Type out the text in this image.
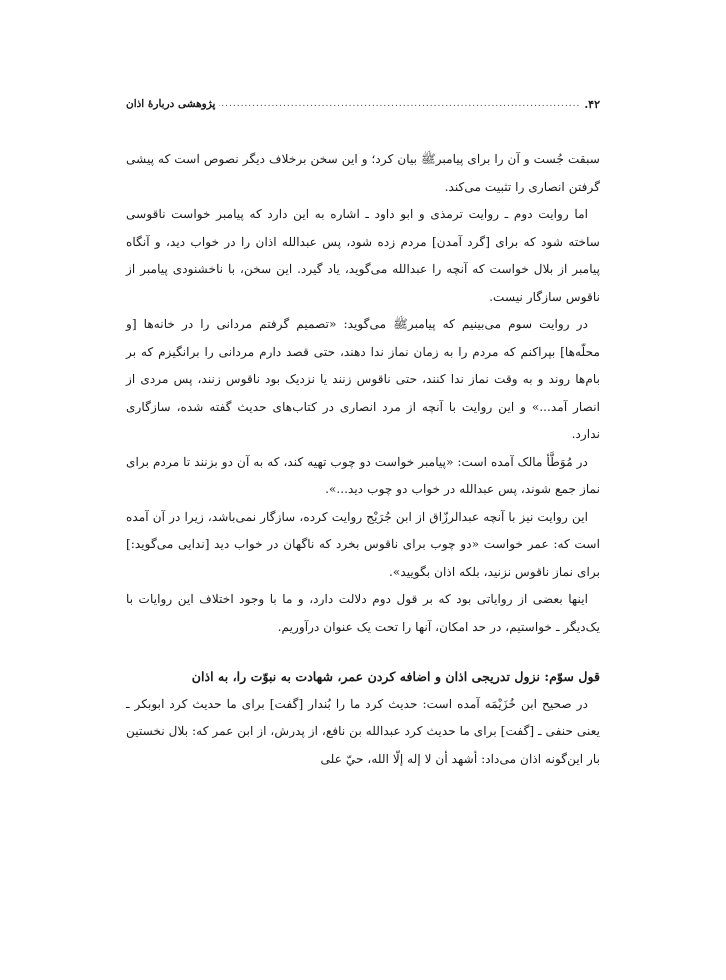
۴۲.
.....
پژوهشی دربارهٔ اذان

سبقت جُست و آن را برای پیامبرﷺ بیان کرد؛ و این سخن برخلاف دیگر نصوص است که پیشی گرفتن انصاری را تثبیت می‌کند.

اما روایت دوم ـ روایت ترمذی و ابو داود ـ اشاره به این دارد که پیامبر خواست ناقوسی ساخته شود که برای [گرد آمدن] مردم زده شود، پس عبدالله اذان را در خواب دید، و آنگاه پیامبر از بلال خواست که آنچه را عبدالله می‌گوید، یاد گیرد. این سخن، با ناخشنودی پیامبر از ناقوس سازگار نیست.

در روایت سوم می‌بینیم که پیامبرﷺ می‌گوید: «تصمیم گرفتم مردانی را در خانه‌ها [و محلّه‌ها] بپراکنم که مردم را به زمان نماز ندا دهند، حتی قصد دارم مردانی را برانگیزم که بر بام‌ها روند و به وقت نماز ندا کنند، حتی ناقوس زنند یا نزدیک بود ناقوس زنند، پس مردی از انصار آمد...» و این روایت با آنچه از مرد انصاری در کتاب‌های حدیث گفته شده، سازگاری ندارد.

در مُوَطَّأ مالک آمده است: «پیامبر خواست دو چوب تهیه کند، که به آن دو بزنند تا مردم برای نماز جمع شوند، پس عبدالله در خواب دو چوب دید...».

این روایت نیز با آنچه عبدالرزّاق از ابن جُرَیْج روایت کرده، سازگار نمی‌باشد، زیرا در آن آمده است که: عمر خواست «دو چوب برای ناقوس بخرد که ناگهان در خواب دید [ندایی می‌گوید:] برای نماز ناقوس نزنید، بلکه اذان بگویید».

اینها بعضی از روایاتی بود که بر قول دوم دلالت دارد، و ما با وجود اختلاف این روایات با یک‌دیگر ـ خواستیم، در حد امکان، آنها را تحت یک عنوان درآوریم.

قول سوّم: نزول تدریجی اذان و اضافه کردن عمر، شهادت به نبوّت را، به اذان

در صحیح ابن خُزَیْمَه آمده است: حدیث کرد ما را بُندار [گفت] برای ما حدیث کرد ابوبکر ـ یعنی حنفی ـ [گفت] برای ما حدیث کرد عبدالله بن نافع، از پدرش، از ابن عمر که: بلال نخستین بار این‌گونه اذان می‌داد: أشهد أن لا إله إلّا الله، حيّ علی
